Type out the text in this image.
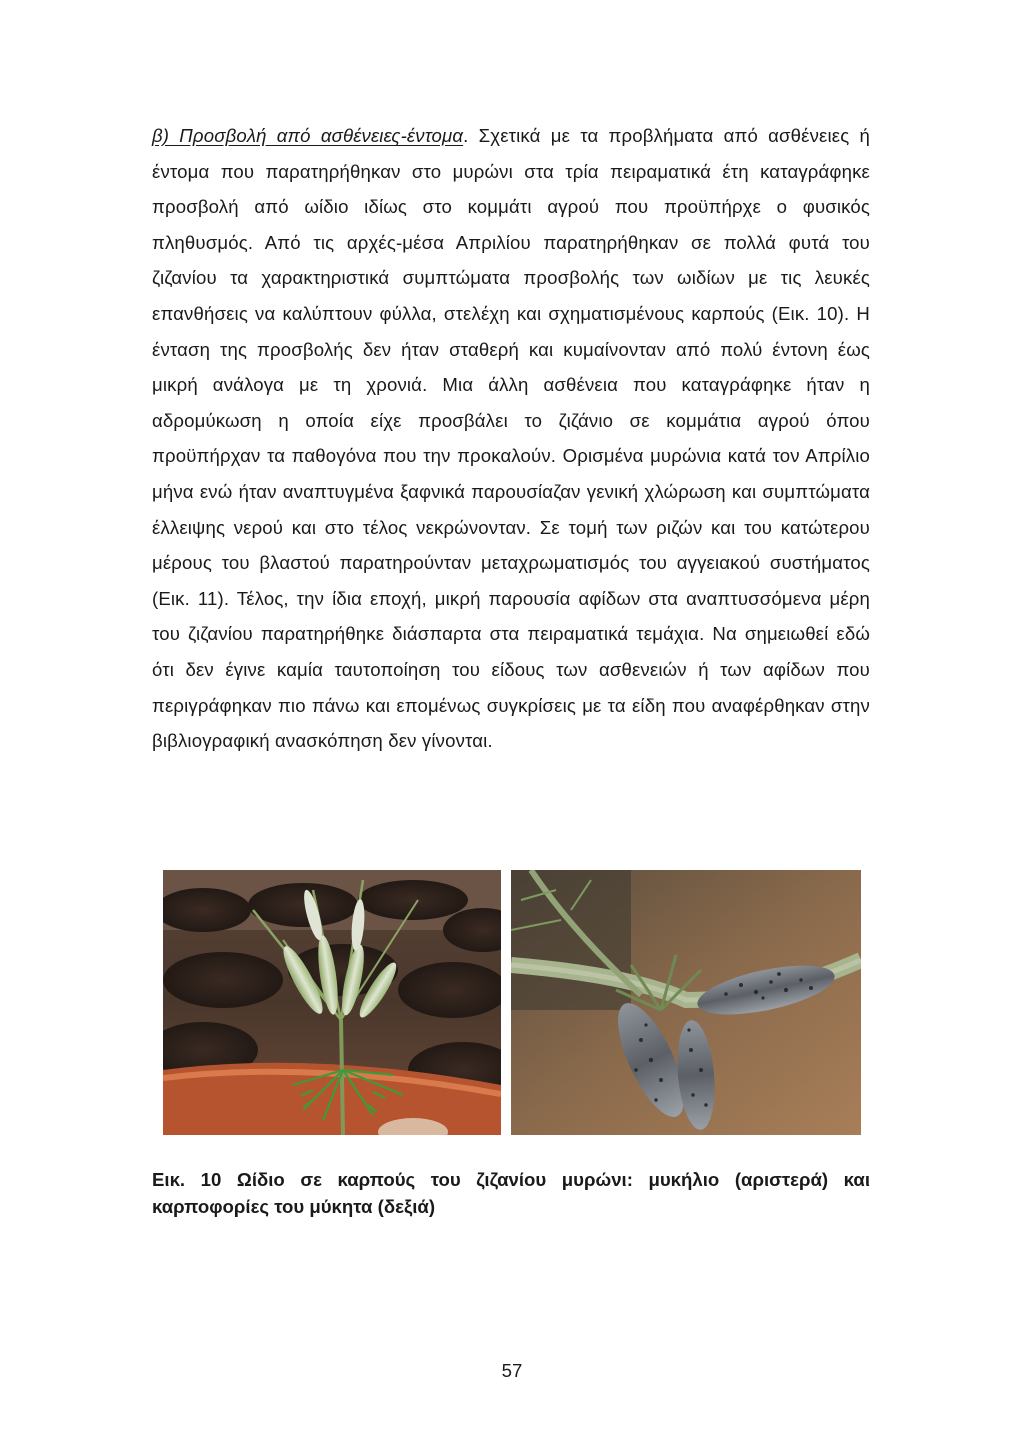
β) Προσβολή από ασθένειες-έντομα. Σχετικά με τα προβλήματα από ασθένειες ή έντομα που παρατηρήθηκαν στο μυρώνι στα τρία πειραματικά έτη καταγράφηκε προσβολή από ωίδιο ιδίως στο κομμάτι αγρού που προϋπήρχε ο φυσικός πληθυσμός. Από τις αρχές-μέσα Απριλίου παρατηρήθηκαν σε πολλά φυτά του ζιζανίου τα χαρακτηριστικά συμπτώματα προσβολής των ωιδίων με τις λευκές επανθήσεις να καλύπτουν φύλλα, στελέχη και σχηματισμένους καρπούς (Εικ. 10). Η ένταση της προσβολής δεν ήταν σταθερή και κυμαίνονταν από πολύ έντονη έως μικρή ανάλογα με τη χρονιά. Μια άλλη ασθένεια που καταγράφηκε ήταν η αδρομύκωση η οποία είχε προσβάλει το ζιζάνιο σε κομμάτια αγρού όπου προϋπήρχαν τα παθογόνα που την προκαλούν. Ορισμένα μυρώνια κατά τον Απρίλιο μήνα ενώ ήταν αναπτυγμένα ξαφνικά παρουσίαζαν γενική χλώρωση και συμπτώματα έλλειψης νερού και στο τέλος νεκρώνονταν. Σε τομή των ριζών και του κατώτερου μέρους του βλαστού παρατηρούνταν μεταχρωματισμός του αγγειακού συστήματος (Εικ. 11). Τέλος, την ίδια εποχή, μικρή παρουσία αφίδων στα αναπτυσσόμενα μέρη του ζιζανίου παρατηρήθηκε διάσπαρτα στα πειραματικά τεμάχια. Να σημειωθεί εδώ ότι δεν έγινε καμία ταυτοποίηση του είδους των ασθενειών ή των αφίδων που περιγράφηκαν πιο πάνω και επομένως συγκρίσεις με τα είδη που αναφέρθηκαν στην βιβλιογραφική ανασκόπηση δεν γίνονται.

Εικ. 10 Ωίδιο σε καρπούς του ζιζανίου μυρώνι: μυκήλιο (αριστερά) και καρποφορίες του μύκητα (δεξιά)

57
